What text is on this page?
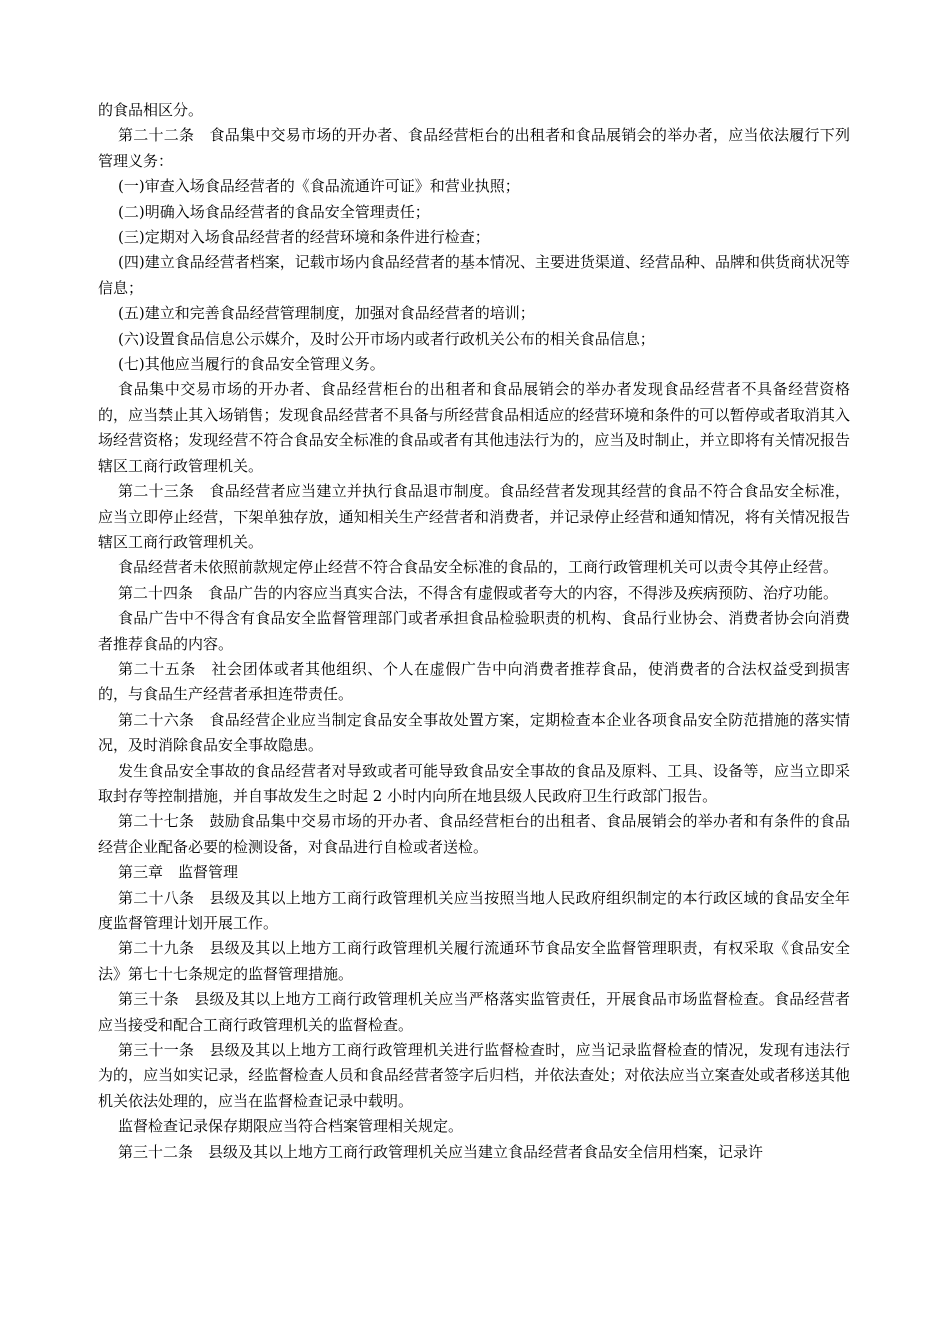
的食品相区分。

第二十二条　食品集中交易市场的开办者、食品经营柜台的出租者和食品展销会的举办者，应当依法履行下列管理义务：

(一)审查入场食品经营者的《食品流通许可证》和营业执照；

(二)明确入场食品经营者的食品安全管理责任；

(三)定期对入场食品经营者的经营环境和条件进行检查；

(四)建立食品经营者档案，记载市场内食品经营者的基本情况、主要进货渠道、经营品种、品牌和供货商状况等信息；

(五)建立和完善食品经营管理制度，加强对食品经营者的培训；

(六)设置食品信息公示媒介，及时公开市场内或者行政机关公布的相关食品信息；

(七)其他应当履行的食品安全管理义务。

食品集中交易市场的开办者、食品经营柜台的出租者和食品展销会的举办者发现食品经营者不具备经营资格的，应当禁止其入场销售；发现食品经营者不具备与所经营食品相适应的经营环境和条件的可以暂停或者取消其入场经营资格；发现经营不符合食品安全标准的食品或者有其他违法行为的，应当及时制止，并立即将有关情况报告辖区工商行政管理机关。

第二十三条　食品经营者应当建立并执行食品退市制度。食品经营者发现其经营的食品不符合食品安全标准，应当立即停止经营，下架单独存放，通知相关生产经营者和消费者，并记录停止经营和通知情况，将有关情况报告辖区工商行政管理机关。

食品经营者未依照前款规定停止经营不符合食品安全标准的食品的，工商行政管理机关可以责令其停止经营。

第二十四条　食品广告的内容应当真实合法，不得含有虚假或者夸大的内容，不得涉及疾病预防、治疗功能。

食品广告中不得含有食品安全监督管理部门或者承担食品检验职责的机构、食品行业协会、消费者协会向消费者推荐食品的内容。

第二十五条　社会团体或者其他组织、个人在虚假广告中向消费者推荐食品，使消费者的合法权益受到损害的，与食品生产经营者承担连带责任。

第二十六条　食品经营企业应当制定食品安全事故处置方案，定期检查本企业各项食品安全防范措施的落实情况，及时消除食品安全事故隐患。

发生食品安全事故的食品经营者对导致或者可能导致食品安全事故的食品及原料、工具、设备等，应当立即采取封存等控制措施，并自事故发生之时起 2 小时内向所在地县级人民政府卫生行政部门报告。

第二十七条　鼓励食品集中交易市场的开办者、食品经营柜台的出租者、食品展销会的举办者和有条件的食品经营企业配备必要的检测设备，对食品进行自检或者送检。

第三章　监督管理

第二十八条　县级及其以上地方工商行政管理机关应当按照当地人民政府组织制定的本行政区域的食品安全年度监督管理计划开展工作。

第二十九条　县级及其以上地方工商行政管理机关履行流通环节食品安全监督管理职责，有权采取《食品安全法》第七十七条规定的监督管理措施。

第三十条　县级及其以上地方工商行政管理机关应当严格落实监管责任，开展食品市场监督检查。食品经营者应当接受和配合工商行政管理机关的监督检查。

第三十一条　县级及其以上地方工商行政管理机关进行监督检查时，应当记录监督检查的情况，发现有违法行为的，应当如实记录，经监督检查人员和食品经营者签字后归档，并依法查处；对依法应当立案查处或者移送其他机关依法处理的，应当在监督检查记录中载明。

监督检查记录保存期限应当符合档案管理相关规定。

第三十二条　县级及其以上地方工商行政管理机关应当建立食品经营者食品安全信用档案，记录许
